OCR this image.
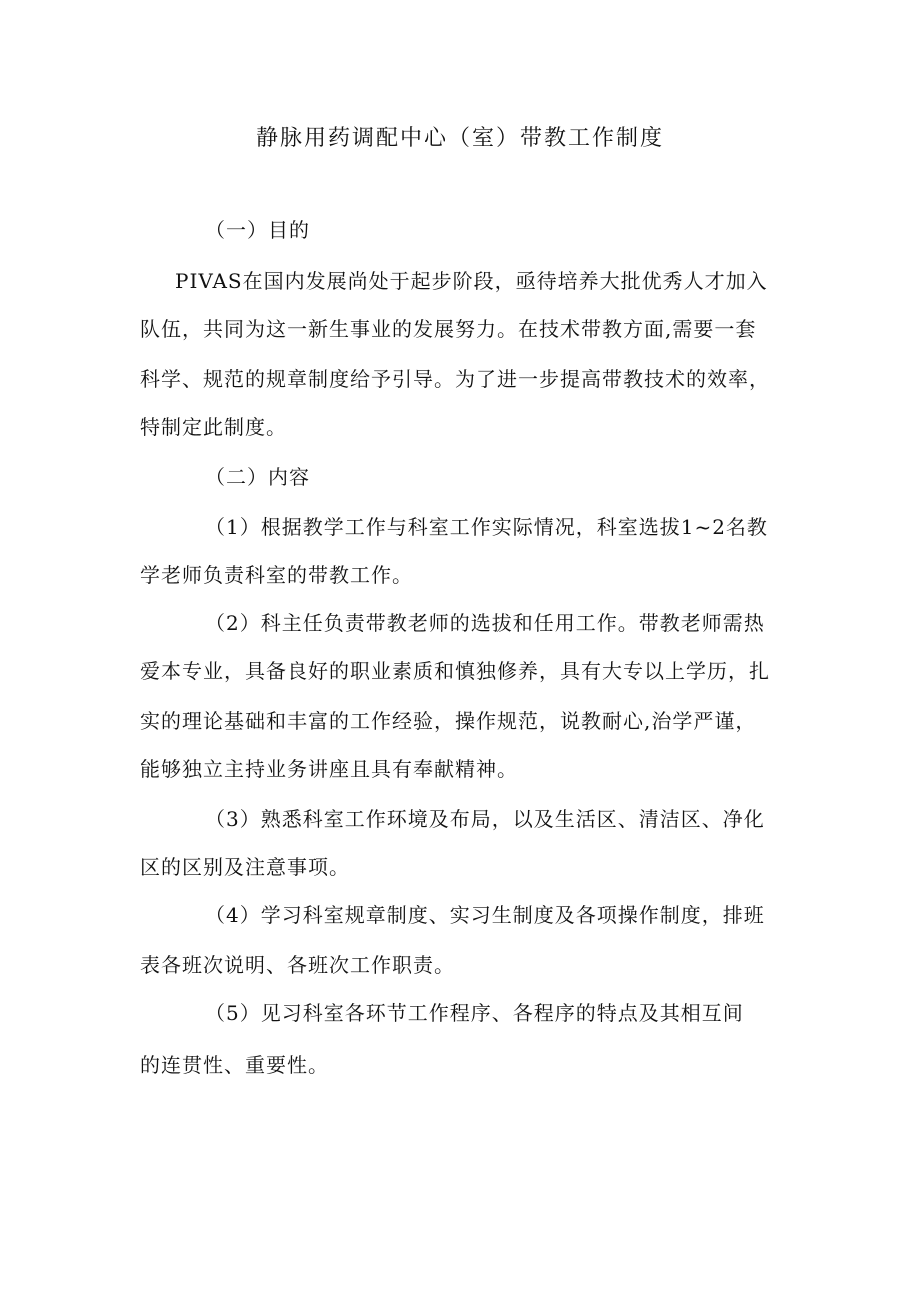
静脉用药调配中心（室）带教工作制度
（一）目的
PIVAS在国内发展尚处于起步阶段，亟待培养大批优秀人才加入
队伍，共同为这一新生事业的发展努力。在技术带教方面,需要一套
科学、规范的规章制度给予引导。为了进一步提高带教技术的效率，
特制定此制度。
（二）内容
（1）根据教学工作与科室工作实际情况，科室选拔1~2名教
学老师负责科室的带教工作。
（2）科主任负责带教老师的选拔和任用工作。带教老师需热
爱本专业，具备良好的职业素质和慎独修养，具有大专以上学历，扎
实的理论基础和丰富的工作经验，操作规范，说教耐心,治学严谨，
能够独立主持业务讲座且具有奉献精神。
（3）熟悉科室工作环境及布局，以及生活区、清洁区、净化
区的区别及注意事项。
（4）学习科室规章制度、实习生制度及各项操作制度，排班
表各班次说明、各班次工作职责。
（5）见习科室各环节工作程序、各程序的特点及其相互间
的连贯性、重要性。
